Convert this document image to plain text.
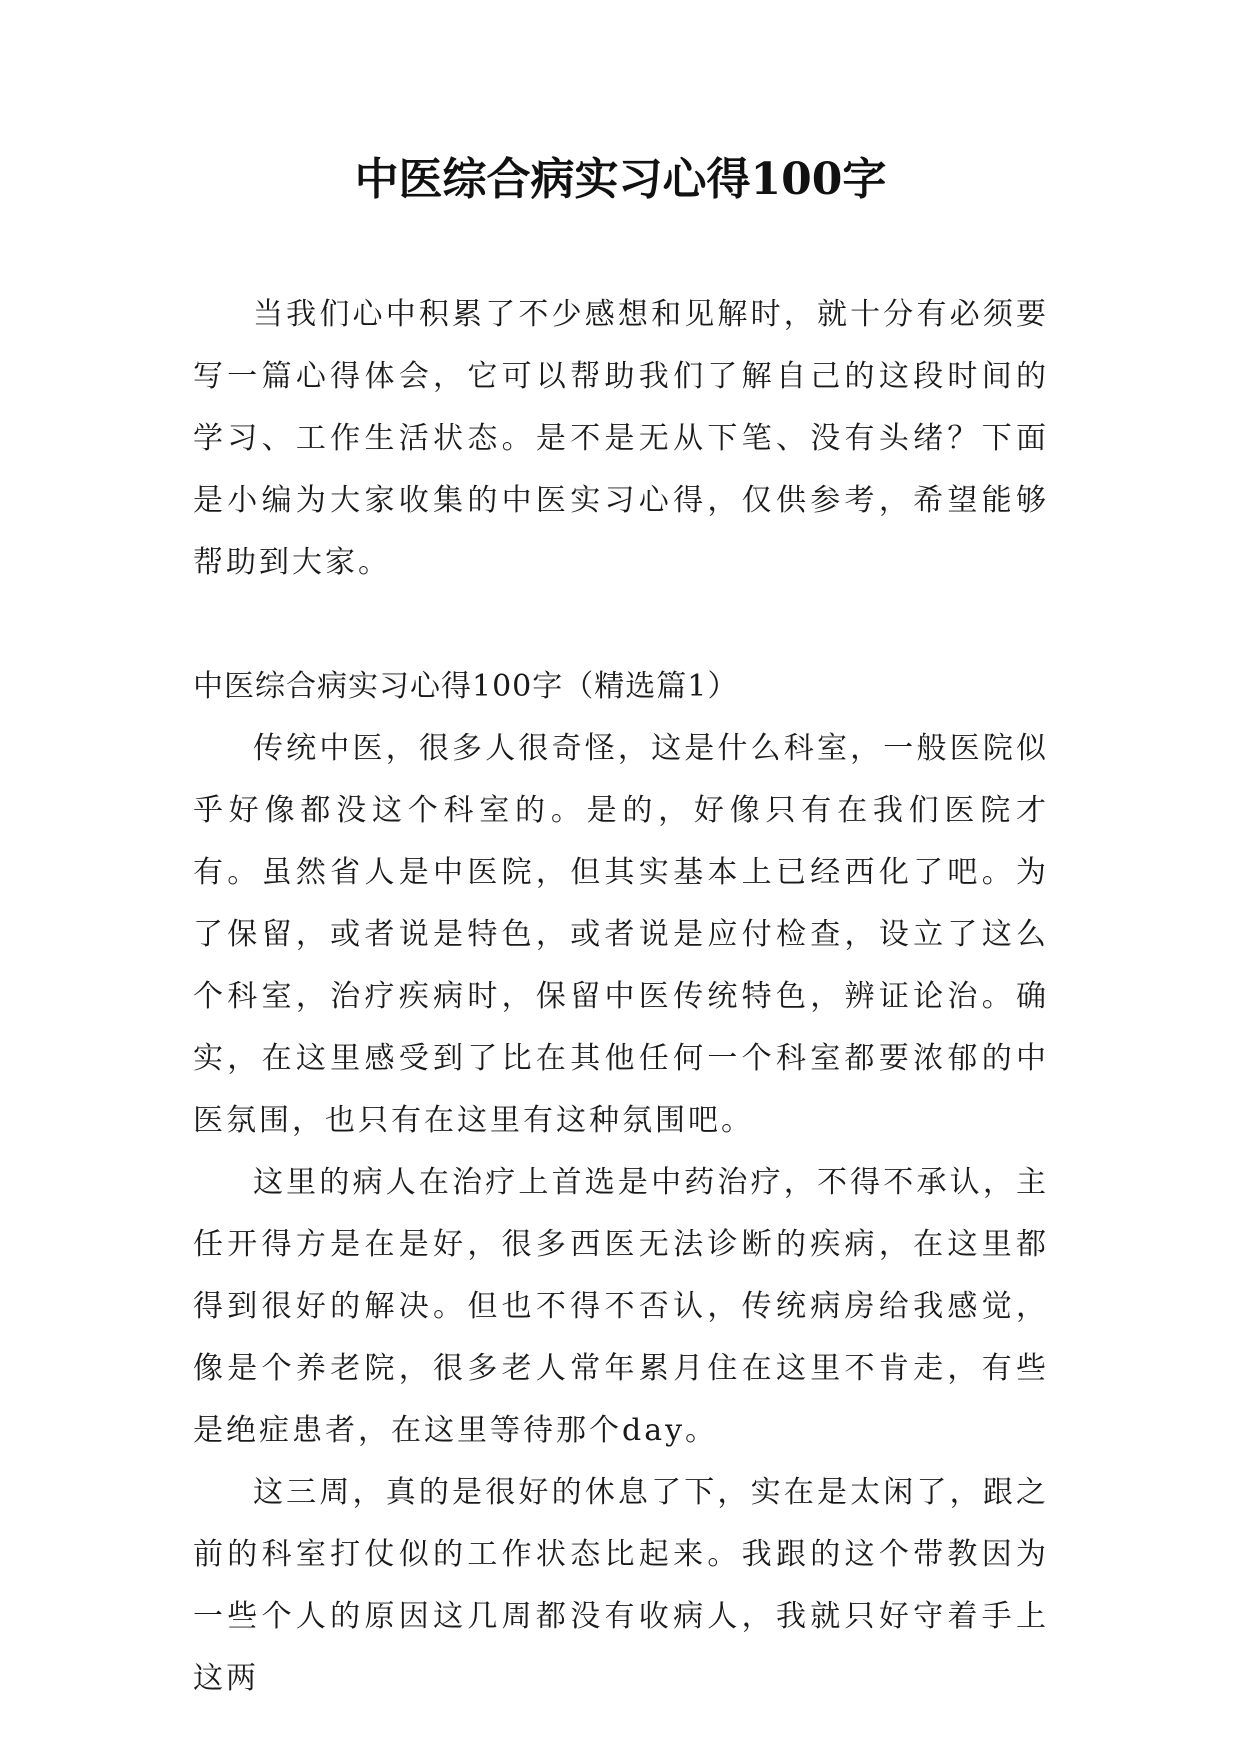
中医综合病实习心得100字

当我们心中积累了不少感想和见解时，就十分有必须要写一篇心得体会，它可以帮助我们了解自己的这段时间的学习、工作生活状态。是不是无从下笔、没有头绪？下面是小编为大家收集的中医实习心得，仅供参考，希望能够帮助到大家。

中医综合病实习心得100字（精选篇1）

传统中医，很多人很奇怪，这是什么科室，一般医院似乎好像都没这个科室的。是的，好像只有在我们医院才有。虽然省人是中医院，但其实基本上已经西化了吧。为了保留，或者说是特色，或者说是应付检查，设立了这么个科室，治疗疾病时，保留中医传统特色，辨证论治。确实，在这里感受到了比在其他任何一个科室都要浓郁的中医氛围，也只有在这里有这种氛围吧。

这里的病人在治疗上首选是中药治疗，不得不承认，主任开得方是在是好，很多西医无法诊断的疾病，在这里都得到很好的解决。但也不得不否认，传统病房给我感觉，像是个养老院，很多老人常年累月住在这里不肯走，有些是绝症患者，在这里等待那个day。

这三周，真的是很好的休息了下，实在是太闲了，跟之前的科室打仗似的工作状态比起来。我跟的这个带教因为一些个人的原因这几周都没有收病人，我就只好守着手上这两
